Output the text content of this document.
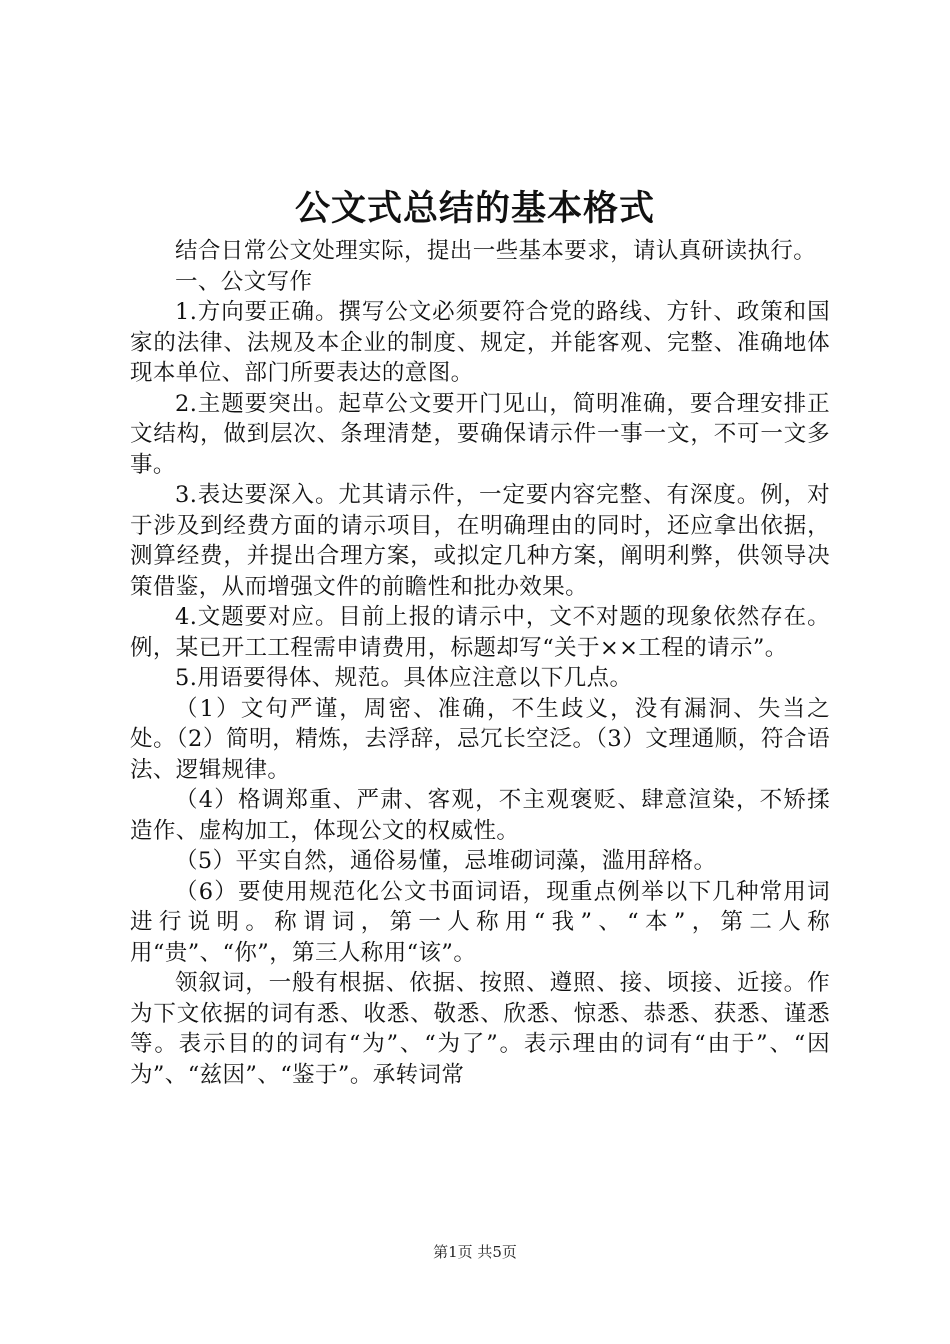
公文式总结的基本格式

结合日常公文处理实际，提出一些基本要求，请认真研读执行。

一、公文写作

1.方向要正确。撰写公文必须要符合党的路线、方针、政策和国家的法律、法规及本企业的制度、规定，并能客观、完整、准确地体现本单位、部门所要表达的意图。

2.主题要突出。起草公文要开门见山，简明准确，要合理安排正文结构，做到层次、条理清楚，要确保请示件一事一文，不可一文多事。

3.表达要深入。尤其请示件，一定要内容完整、有深度。例，对于涉及到经费方面的请示项目，在明确理由的同时，还应拿出依据，测算经费，并提出合理方案，或拟定几种方案，阐明利弊，供领导决策借鉴，从而增强文件的前瞻性和批办效果。

4.文题要对应。目前上报的请示中，文不对题的现象依然存在。例，某已开工工程需申请费用，标题却写“关于××工程的请示”。

5.用语要得体、规范。具体应注意以下几点。

（1）文句严谨，周密、准确，不生歧义，没有漏洞、失当之处。（2）简明，精炼，去浮辞，忌冗长空泛。（3）文理通顺，符合语法、逻辑规律。

（4）格调郑重、严肃、客观，不主观褒贬、肆意渲染，不矫揉造作、虚构加工，体现公文的权威性。

（5）平实自然，通俗易懂，忌堆砌词藻，滥用辞格。

（6）要使用规范化公文书面词语，现重点例举以下几种常用词进行说明。称谓词，第一人称用“我”、“本”，第二人称用“贵”、“你”，第三人称用“该”。

领叙词，一般有根据、依据、按照、遵照、接、顷接、近接。作为下文依据的词有悉、收悉、敬悉、欣悉、惊悉、恭悉、获悉、谨悉等。表示目的的词有“为”、“为了”。表示理由的词有“由于”、“因为”、“兹因”、“鉴于”。承转词常

第1页 共5页
